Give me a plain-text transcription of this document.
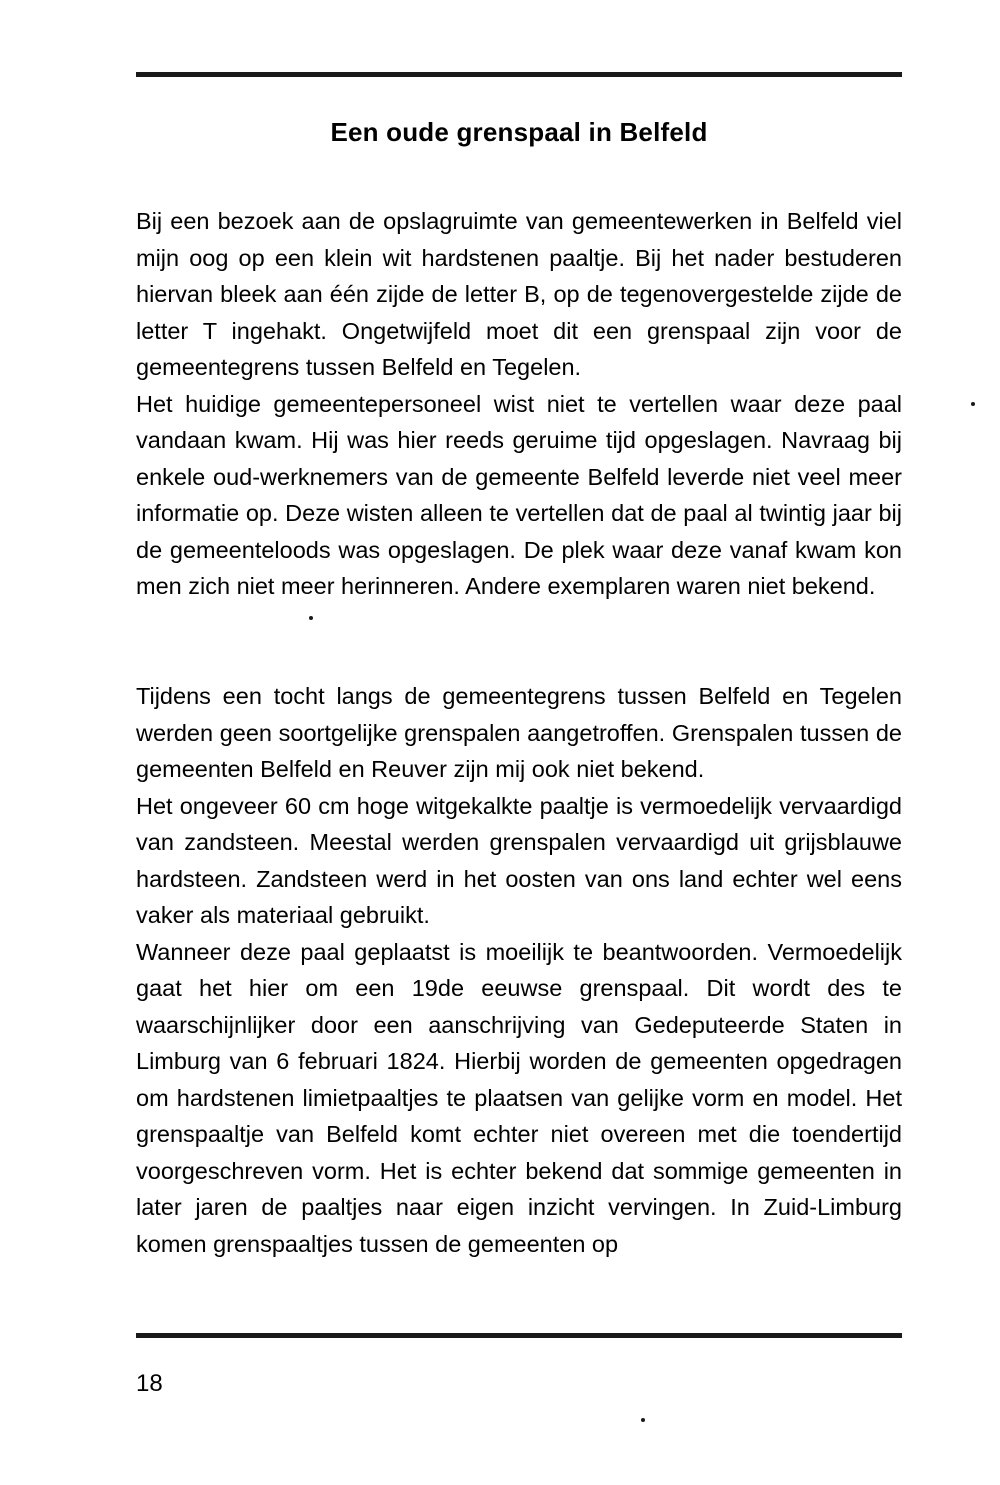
Een oude grenspaal in Belfeld

Bij een bezoek aan de opslagruimte van gemeentewerken in Belfeld viel mijn oog op een klein wit hardstenen paaltje. Bij het nader bestuderen hiervan bleek aan één zijde de letter B, op de tegenovergestelde zijde de letter T ingehakt. Ongetwijfeld moet dit een grenspaal zijn voor de gemeentegrens tussen Belfeld en Tegelen.
Het huidige gemeentepersoneel wist niet te vertellen waar deze paal vandaan kwam. Hij was hier reeds geruime tijd opgeslagen. Navraag bij enkele oud-werknemers van de gemeente Belfeld leverde niet veel meer informatie op. Deze wisten alleen te vertellen dat de paal al twintig jaar bij de gemeenteloods was opgeslagen. De plek waar deze vanaf kwam kon men zich niet meer herinneren. Andere exemplaren waren niet bekend.

Tijdens een tocht langs de gemeentegrens tussen Belfeld en Tegelen werden geen soortgelijke grenspalen aangetroffen. Grenspalen tussen de gemeenten Belfeld en Reuver zijn mij ook niet bekend.
Het ongeveer 60 cm hoge witgekalkte paaltje is vermoedelijk vervaardigd van zandsteen. Meestal werden grenspalen vervaardigd uit grijsblauwe hardsteen. Zandsteen werd in het oosten van ons land echter wel eens vaker als materiaal gebruikt.
Wanneer deze paal geplaatst is moeilijk te beantwoorden. Vermoedelijk gaat het hier om een 19de eeuwse grenspaal. Dit wordt des te waarschijnlijker door een aanschrijving van Gedeputeerde Staten in Limburg van 6 februari 1824. Hierbij worden de gemeenten opgedragen om hardstenen limietpaaltjes te plaatsen van gelijke vorm en model. Het grenspaaltje van Belfeld komt echter niet overeen met die toendertijd voorgeschreven vorm. Het is echter bekend dat sommige gemeenten in later jaren de paaltjes naar eigen inzicht vervingen. In Zuid-Limburg komen grenspaaltjes tussen de gemeenten op

18
